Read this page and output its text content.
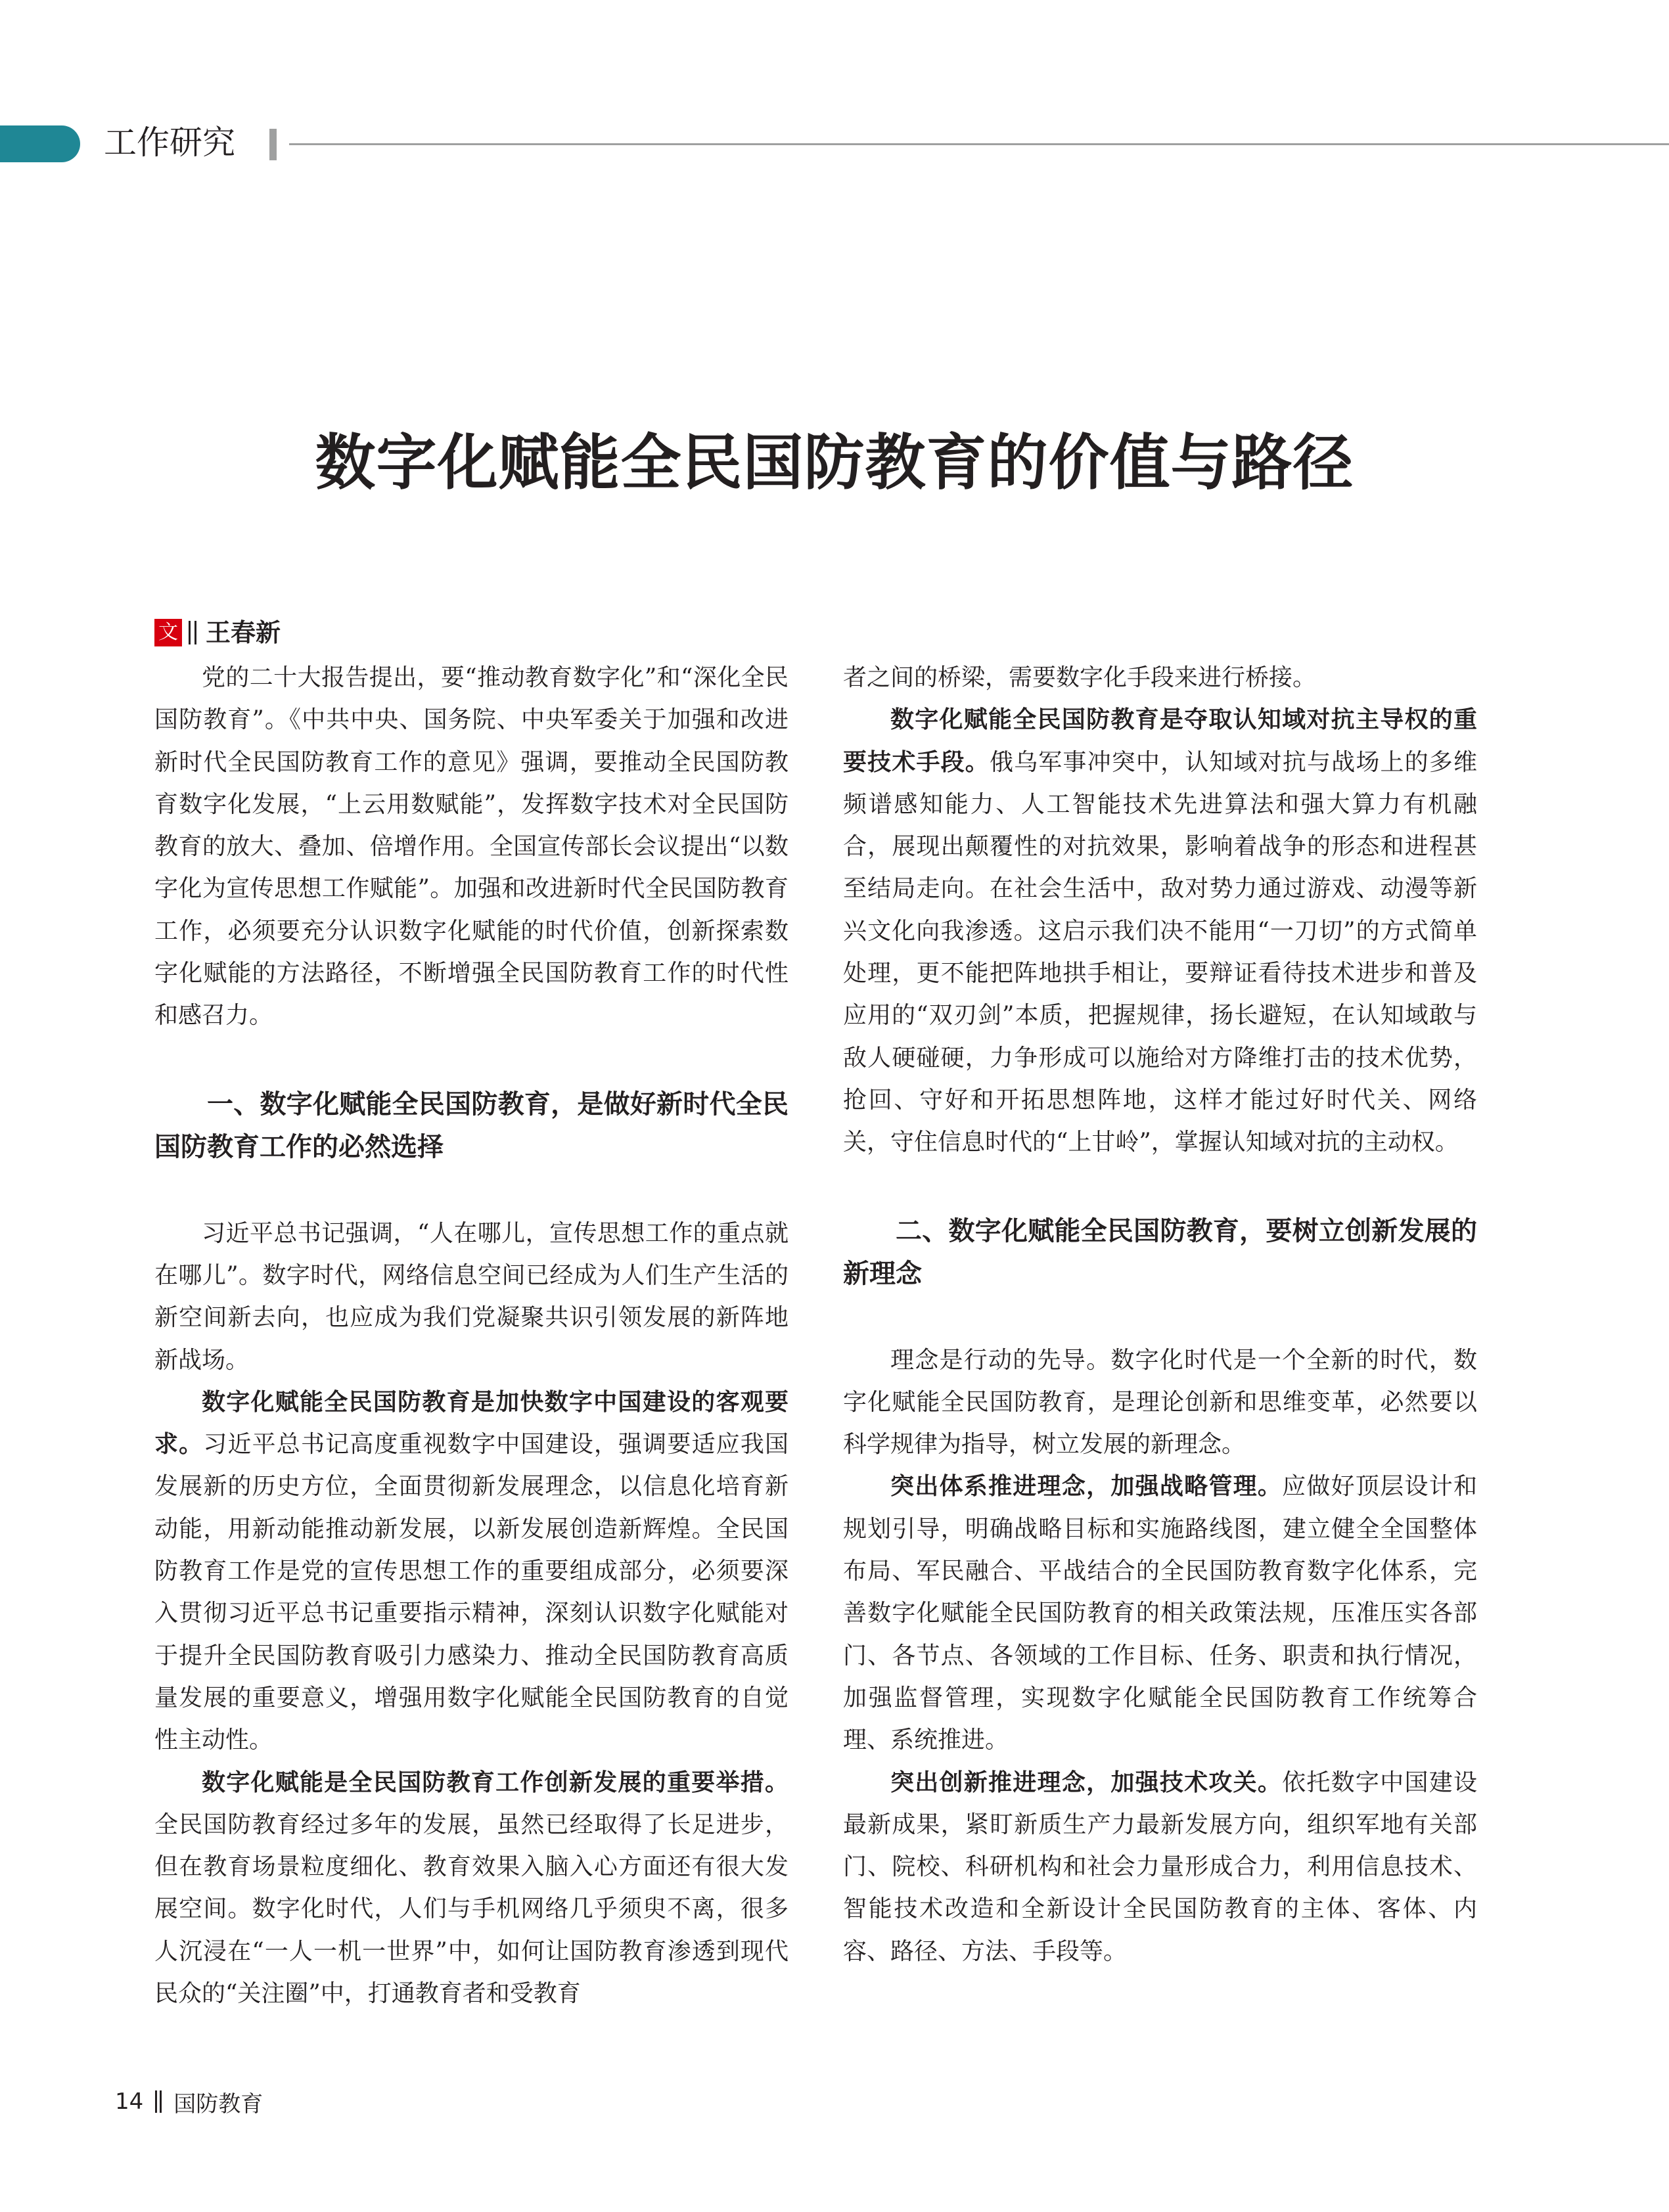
工作研究
数字化赋能全民国防教育的价值与路径
文 王春新

党的二十大报告提出，要“推动教育数字化”和“深化全民国防教育”。《中共中央、国务院、中央军委关于加强和改进新时代全民国防教育工作的意见》强调，要推动全民国防教育数字化发展，“上云用数赋能”，发挥数字技术对全民国防教育的放大、叠加、倍增作用。全国宣传部长会议提出“以数字化为宣传思想工作赋能”。加强和改进新时代全民国防教育工作，必须要充分认识数字化赋能的时代价值，创新探索数字化赋能的方法路径，不断增强全民国防教育工作的时代性和感召力。

一、数字化赋能全民国防教育，是做好新时代全民国防教育工作的必然选择

习近平总书记强调，“人在哪儿，宣传思想工作的重点就在哪儿”。数字时代，网络信息空间已经成为人们生产生活的新空间新去向，也应成为我们党凝聚共识引领发展的新阵地新战场。

数字化赋能全民国防教育是加快数字中国建设的客观要求。习近平总书记高度重视数字中国建设，强调要适应我国发展新的历史方位，全面贯彻新发展理念，以信息化培育新动能，用新动能推动新发展，以新发展创造新辉煌。全民国防教育工作是党的宣传思想工作的重要组成部分，必须要深入贯彻习近平总书记重要指示精神，深刻认识数字化赋能对于提升全民国防教育吸引力感染力、推动全民国防教育高质量发展的重要意义，增强用数字化赋能全民国防教育的自觉性主动性。

数字化赋能是全民国防教育工作创新发展的重要举措。全民国防教育经过多年的发展，虽然已经取得了长足进步，但在教育场景粒度细化、教育效果入脑入心方面还有很大发展空间。数字化时代，人们与手机网络几乎须臾不离，很多人沉浸在“一人一机一世界”中，如何让国防教育渗透到现代民众的“关注圈”中，打通教育者和受教育

者之间的桥梁，需要数字化手段来进行桥接。

数字化赋能全民国防教育是夺取认知域对抗主导权的重要技术手段。俄乌军事冲突中，认知域对抗与战场上的多维频谱感知能力、人工智能技术先进算法和强大算力有机融合，展现出颠覆性的对抗效果，影响着战争的形态和进程甚至结局走向。在社会生活中，敌对势力通过游戏、动漫等新兴文化向我渗透。这启示我们决不能用“一刀切”的方式简单处理，更不能把阵地拱手相让，要辩证看待技术进步和普及应用的“双刃剑”本质，把握规律，扬长避短，在认知域敢与敌人硬碰硬，力争形成可以施给对方降维打击的技术优势，抢回、守好和开拓思想阵地，这样才能过好时代关、网络关，守住信息时代的“上甘岭”，掌握认知域对抗的主动权。

二、数字化赋能全民国防教育，要树立创新发展的新理念

理念是行动的先导。数字化时代是一个全新的时代，数字化赋能全民国防教育，是理论创新和思维变革，必然要以科学规律为指导，树立发展的新理念。

突出体系推进理念，加强战略管理。应做好顶层设计和规划引导，明确战略目标和实施路线图，建立健全全国整体布局、军民融合、平战结合的全民国防教育数字化体系，完善数字化赋能全民国防教育的相关政策法规，压准压实各部门、各节点、各领域的工作目标、任务、职责和执行情况，加强监督管理，实现数字化赋能全民国防教育工作统筹合理、系统推进。

突出创新推进理念，加强技术攻关。依托数字中国建设最新成果，紧盯新质生产力最新发展方向，组织军地有关部门、院校、科研机构和社会力量形成合力，利用信息技术、智能技术改造和全新设计全民国防教育的主体、客体、内容、路径、方法、手段等。

14 国防教育
